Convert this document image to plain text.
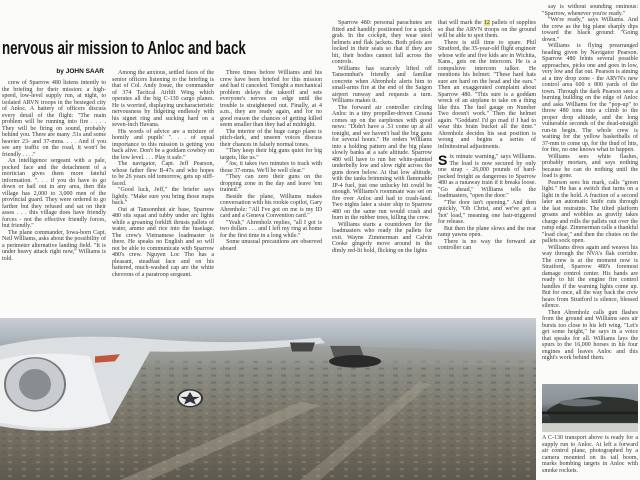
nervous air mission to Anloc and back
by JOHN SAAR

crew of Sparrow 480 listens intently to the briefing for their mission: a high-speed, low-level supply run, at night, to isolated ARVN troops in the besieged city of Anloc. A battery of officers discuss every detail of the flight: "The main problem will be running into fire . . . . They will be firing on sound, probably behind you. There are many .51s and some heavier 23- and 37-mms. . . . And if you see any traffic on the road, it won't be friendly . . . ."

An intelligence sergeant with a pale, pocked face and the detachment of a mortician gives them more fateful information. ". . . if you do have to go down or bail out in any area, then this village has 2,000 to 3,000 men of the provincial guard. They were ordered to go farther but they refused and sat on their asses . . . this village does have friendly forces - not the effective friendly forces, but friendly."

The plane commander, Iowa-born Capt. Neil Williams, asks about the possibility of a perimeter alternative landing field. "It is under heavy attack right now," Williams is told.

Among the anxious, settled faces of the senior officers listening to the briefing is that of Col. Andy Iosue, the commander of 374 Tactical Airlift Wing which operates all the big C-130 cargo planes. He is worried, displaying uncharacteristic nervousness by fidgeting endlessly with his signet ring and sucking hard on a seven-inch Havana.

His words of advice are a mixture of homily and pupils' ". . . of equal importance to this mission is getting you back alive. Don't be a goddam cowboy on the low level. . . . Play it safe."

The navigator, Capt. Jeff Pearson, whose father flew B-47s and who hopes to be 26 years old tomorrow, gets up stiff-faced.

"Good luck, Jeff," the briefer says lightly. "Make sure you bring those maps back."

Out at Tansonnhut air base, Sparrow 480 sits squat and tubby under arc lights while a groaning forklift thrusts pallets of water, ammo and rice into the fuselage. The crew's Vietnamese loadmaster is there. He speaks no English and so will not be able to communicate with Sparrow 480's crew. Nguyen Loc Tho has a pleasant, steadfast face and on his battered, much-washed cap are the white chevrons of a paratroop sergeant.

Three times before Williams and his crew have been briefed for this mission and had it canceled. Tonight a mechanical problem delays the takeoff and sets everyone's nerves on edge until the trouble is straightened out. Finally, at 4 a.m., they are ready again, and for no good reason the chances of getting killed seem smaller than they had at midnight.

The interior of the huge cargo plane is pitch-dark, and unseen voices discuss their chances in falsely normal tones.

"They keep their big guns quiet for big targets, like us."

"Aw, it takes two minutes to track with those 37-mms. We'll be well clear."

"They can zero their guns on the dropping zone in the day and leave 'em trained."

Beside the plane, Williams makes conversation with his rookie copilot, Gary Ahrenholz: "All I've got on me is my ID card and a Geneva Convention card."

"Yeah," Ahrenholz replies, "all I got is two dollars . . . and I left my ring at home for the first time in a long while."

Some unusual precautions are observed aboard

Sparrow 480: personal parachutes are fitted and handily positioned for a quick grab. In the cockpit, they wear steel helmets and flak jackets. Both pilots are locked in their seats so that if they are hit, their bodies cannot fall across the controls.

Williams has scarcely lifted off Tansonnhut's friendly and familiar concrete when Ahrenholz alerts him to small-arms fire at the end of the Saigon airport runway and requests a turn. Williams makes it.

The forward air controller circling Anloc in a tiny propeller-driven Cessna comes up on the earphones with good news: "Didn't have a .51 come up at all tonight, and we haven't had the big guns for several hours." He orders Williams into a holding pattern and the big plane slowly banks at a safe altitude. Sparrow 480 will have to run her white-painted underbelly low and slow right across the guns down below. At that low altitude, with the tanks brimming with flammable JP-4 fuel, just one unlucky hit could be enough. Williams's roommate was set on fire over Anloc and had to crash-land. Two nights later a sister ship to Sparrow 480 on the same run would crash and burn in the rubber trees, killing the crew.

Williams starts a countdown for the loadmasters who ready the pallets for exit. Wayne Zimmerman and Calvin Cooke gingerly move around in the dimly red-lit hold, flicking on the lights

that will mark the 12 pallets of supplies so that the ARVN troops on the ground will be able to spot them.

There is still time to spare. Phil Stratford, the 35-year-old flight engineer whose wife and five kids are in Wichita, Kans., gets on the intercom. He is a compulsive intercom talker. He mentions his helmet: "These hard hats sure are hard on the head and the ears." Then an exaggerated complaint about Sparrow 480. "This sure is a goddam wreck of an airplane to take on a thing like this. The fuel gauge on Number Two doesn't work." Then the helmet again. "Goddam! I'd go mad if I had to wear this brain bucket all the time." Ahrenholz decides his seat position is wrong and begins a series of infinitesimal adjustments.

Six minute warning," says Williams. The load is now secured by only one strap - 26,000 pounds of hard-packed freight as dangerous to Sparrow 480 as a runaway train if it breaks loose. "Go ahead," Williams tells the loadmasters, "open the door."

"The door isn't opening." And then quickly, "Oh Christ, and we've got a 'hot' load," meaning one hair-triggered for release.

But then the plane slows and the rear ramp yawns open.

There is no way the forward air controller can

say is without sounding ominous: "Sparrow, whenever you're ready."

"We're ready," says Williams. And the crew as the big plane sharply dips toward the black ground: "Going down."

Williams is flying prearranged heading given by Navigator Pearson. Sparrow 480 feints several possible approaches, picks one and goes in low, very low and flat out. Pearson is aiming at a tiny drop zone - the ARVN's new control area 600 x 800 yards of the town. Through the dark Pearson sees a burning building on the edge of Anloc and asks Williams for the "pop-up" to throw 480 tons into a climb to the proper drop altitude, and the long vulnerable seconds of the dead-straight run-in begin. The whole crew is waiting for the yellow basketballs of 37-mm to come up, for the thud of hits, for fire, no one knows what to happen.

Williams sees white flashes, probably mortars, and says nothing because he can do nothing until the load is gone.

Pearson sees his mark, calls "green light." He has a switch that turns on a light in the hold. A fraction of a second later an automatic knife cuts through the last restraints. The tilted platform groans and wobbles as gravity takes charge and rolls the pallets out over the ramp edge. Zimmerman calls a thankful "load clear," and then the chutes on the pallets sock open.

Williams dives again and weaves his way through the NVA's flak corridor. The crew is at the moment now is Stratford, Sparrow 480's foremost damage control center. His hands are ready to hit the engine fire control handles if the warning lights come up. But for once, all the way back the crew hears from Stratford is silence, blessed silence.

Then Ahrenholz calls gun flashes from the ground and Williams sees air bursts too close to his left wing. "Let's get some height," he says in a voice that speaks for all. Williams lays the spurs to the 16,000 horses in his four engines and leaves Anloc and this night's work behind them.

A C-130 transport above is ready for a supply run to Anloc. At left a forward air control plane, photographed by a camera mounted on its tail boom, marks bombing targets in Anloc with smoke rockets.
